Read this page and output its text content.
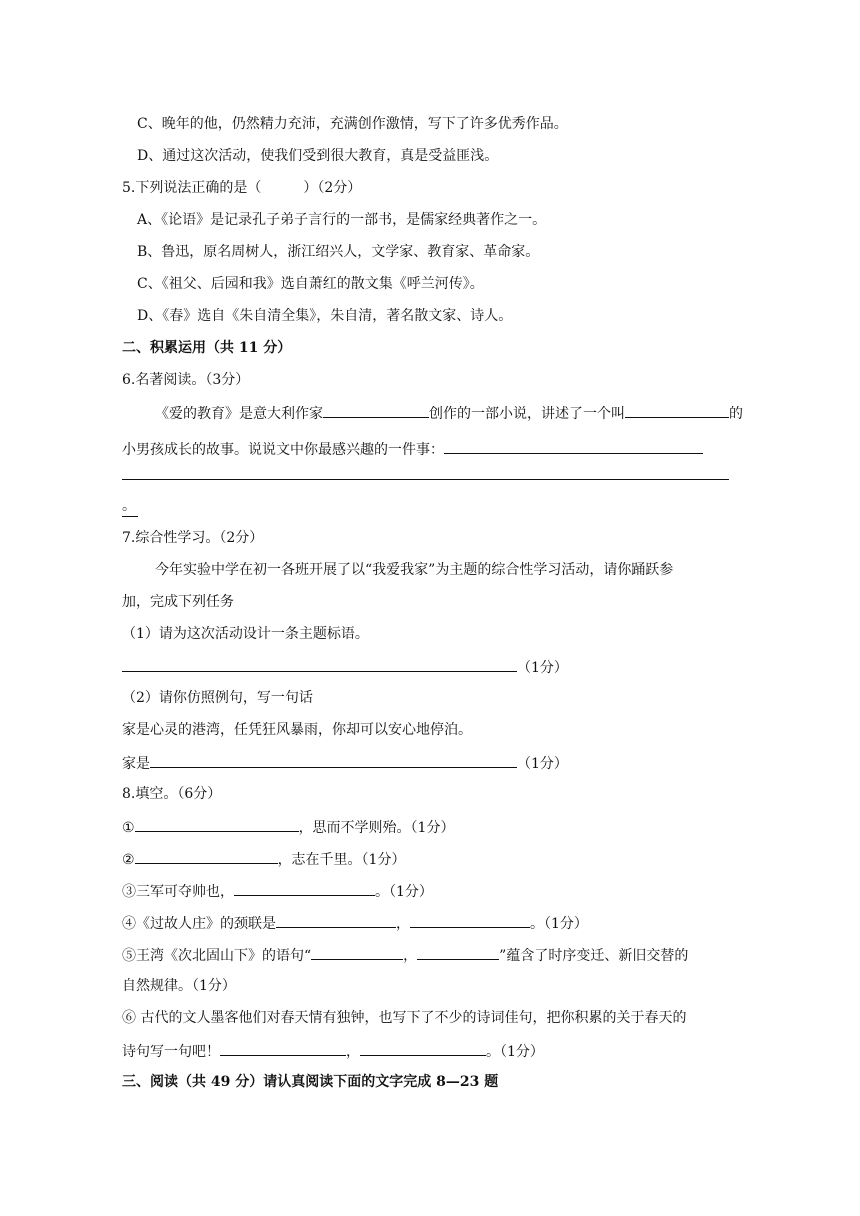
C、晚年的他，仍然精力充沛，充满创作激情，写下了许多优秀作品。
D、通过这次活动，使我们受到很大教育，真是受益匪浅。
5.下列说法正确的是（　　　）（2分）
A、《论语》是记录孔子弟子言行的一部书，是儒家经典著作之一。
B、鲁迅，原名周树人，浙江绍兴人，文学家、教育家、革命家。
C、《祖父、后园和我》选自萧红的散文集《呼兰河传》。
D、《春》选自《朱自清全集》，朱自清，著名散文家、诗人。
二、积累运用（共 11 分）
6.名著阅读。（3分）
《爱的教育》是意大利作家	创作的一部小说，讲述了一个叫	的
小男孩成长的故事。说说文中你最感兴趣的一件事：
。
7.综合性学习。（2分）
今年实验中学在初一各班开展了以“我爱我家”为主题的综合性学习活动，请你踊跃参
加，完成下列任务
（1）请为这次活动设计一条主题标语。
（1分）
（2）请你仿照例句，写一句话
家是心灵的港湾，任凭狂风暴雨，你却可以安心地停泊。
家是	（1分）
8.填空。（6分）
①	，思而不学则殆。（1分）
②	，志在千里。（1分）
③三军可夺帅也，	。（1分）
④《过故人庄》的颈联是	，	。（1分）
⑤王湾《次北固山下》的语句“	，	”蕴含了时序变迁、新旧交替的
自然规律。（1分）
⑥ 古代的文人墨客他们对春天情有独钟，也写下了不少的诗词佳句，把你积累的关于春天的
诗句写一句吧！	，	。（1分）
三、阅读（共 49 分）请认真阅读下面的文字完成 8—23 题
